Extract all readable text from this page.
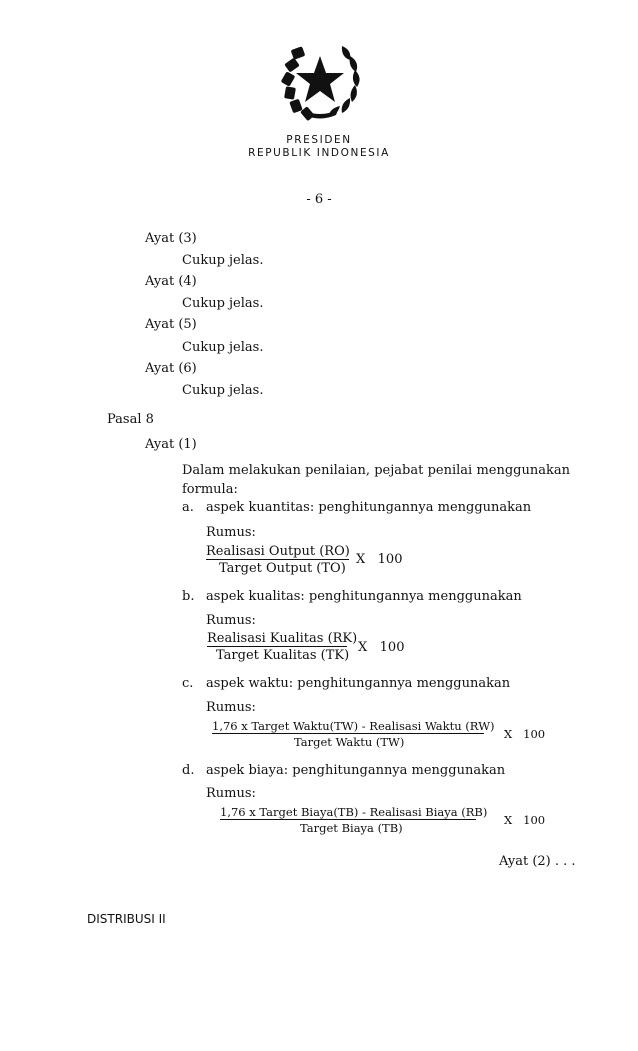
PRESIDEN
REPUBLIK INDONESIA
- 6 -
Ayat (3)
Cukup jelas.
Ayat (4)
Cukup jelas.
Ayat (5)
Cukup jelas.
Ayat (6)
Cukup jelas.
Pasal 8
Ayat (1)
Dalam melakukan penilaian, pejabat penilai menggunakan formula:
a. aspek kuantitas: penghitungannya menggunakan
Rumus:
Realisasi Output (RO)
Target Output (TO)
X   100
b. aspek kualitas: penghitungannya menggunakan
Rumus:
Realisasi Kualitas (RK)
Target Kualitas (TK)
X   100
c. aspek waktu: penghitungannya menggunakan
Rumus:
1,76 x Target Waktu(TW) - Realisasi Waktu (RW)
Target Waktu (TW)
X   100
d. aspek biaya: penghitungannya menggunakan
Rumus:
1,76 x Target Biaya(TB) - Realisasi Biaya (RB)
Target Biaya (TB)
X   100
Ayat (2) . . .
DISTRIBUSI II
